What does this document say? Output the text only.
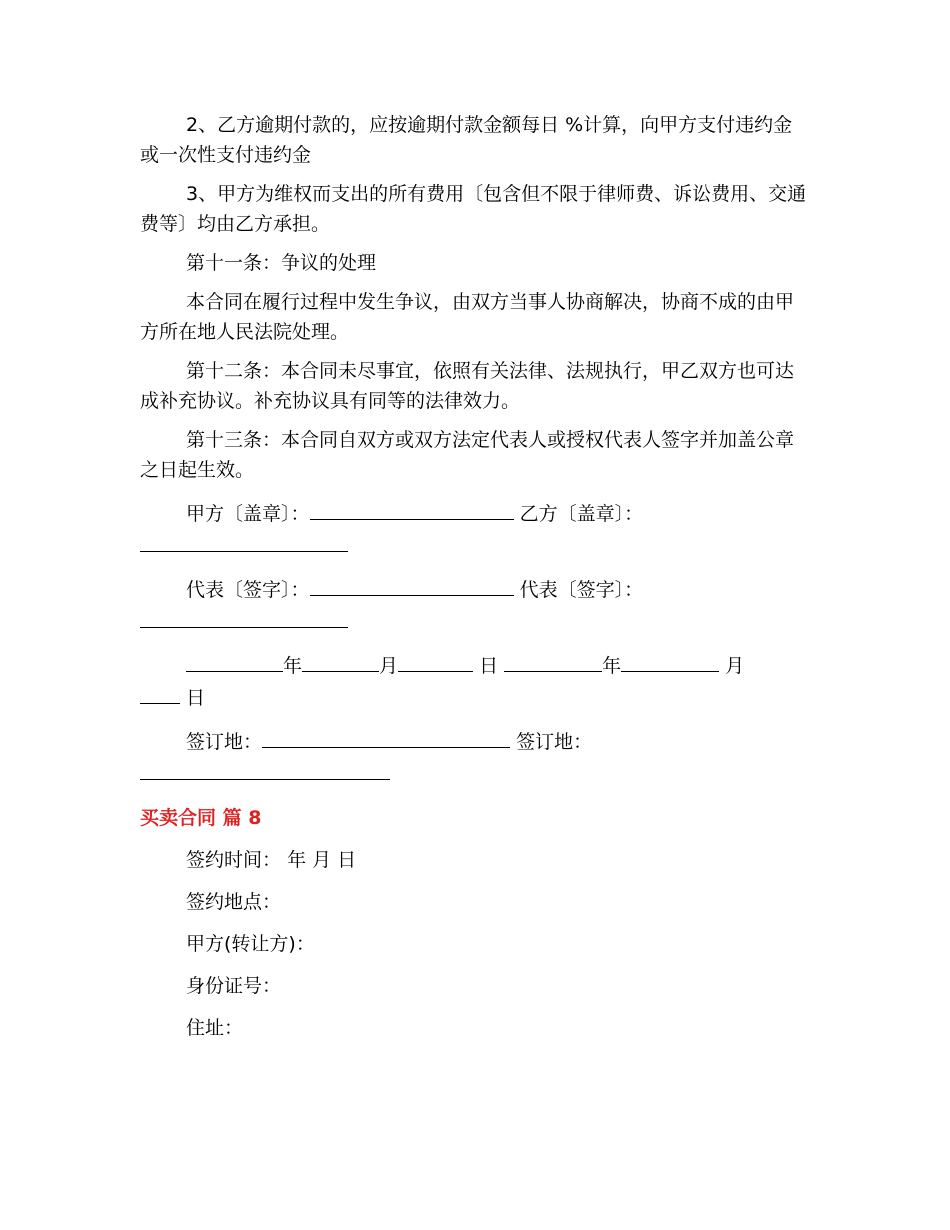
2、乙方逾期付款的，应按逾期付款金额每日 %计算，向甲方支付违约金或一次性支付违约金

3、甲方为维权而支出的所有费用〔包含但不限于律师费、诉讼费用、交通费等〕均由乙方承担。

第十一条：争议的处理

本合同在履行过程中发生争议，由双方当事人协商解决，协商不成的由甲方所在地人民法院处理。

第十二条：本合同未尽事宜，依照有关法律、法规执行，甲乙双方也可达成补充协议。补充协议具有同等的法律效力。

第十三条：本合同自双方或双方法定代表人或授权代表人签字并加盖公章之日起生效。

甲方〔盖章〕：	乙方〔盖章〕：

代表〔签字〕：	代表〔签字〕：

年	月	日	年	月
日

签订地：	签订地：

买卖合同 篇 8

签约时间： 年 月 日

签约地点：

甲方(转让方)：

身份证号：

住址：
